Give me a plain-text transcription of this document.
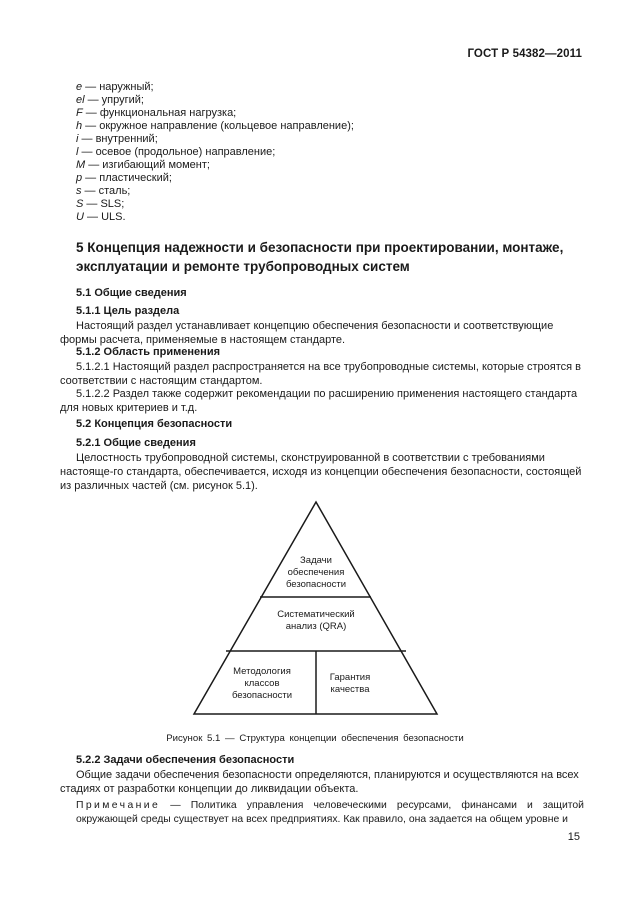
ГОСТ Р 54382—2011
e — наружный;
el — упругий;
F — функциональная нагрузка;
h — окружное направление (кольцевое направление);
i — внутренний;
l — осевое (продольное) направление;
M — изгибающий момент;
p — пластический;
s — сталь;
S — SLS;
U — ULS.
5 Концепция надежности и безопасности при проектировании, монтаже, эксплуатации и ремонте трубопроводных систем
5.1 Общие сведения
5.1.1 Цель раздела
Настоящий раздел устанавливает концепцию обеспечения безопасности и соответствующие формы расчета, применяемые в настоящем стандарте.
5.1.2 Область применения
5.1.2.1 Настоящий раздел распространяется на все трубопроводные системы, которые строятся в соответствии с настоящим стандартом.
5.1.2.2 Раздел также содержит рекомендации по расширению применения настоящего стандарта для новых критериев и т.д.
5.2 Концепция безопасности
5.2.1 Общие сведения
Целостность трубопроводной системы, сконструированной в соответствии с требованиями настояще-го стандарта, обеспечивается, исходя из концепции обеспечения безопасности, состоящей из различных частей (см. рисунок 5.1).
Задачи
обеспечения
безопасности
Систематический
анализ (QRA)
Методология
классов
безопасности
Гарантия
качества
Рисунок 5.1 — Структура концепции обеспечения безопасности
5.2.2 Задачи обеспечения безопасности
Общие задачи обеспечения безопасности определяются, планируются и осуществляются на всех стадиях от разработки концепции до ликвидации объекта.
Примечание — Политика управления человеческими ресурсами, финансами и защитой окружающей среды существует на всех предприятиях. Как правило, она задается на общем уровне и
15
